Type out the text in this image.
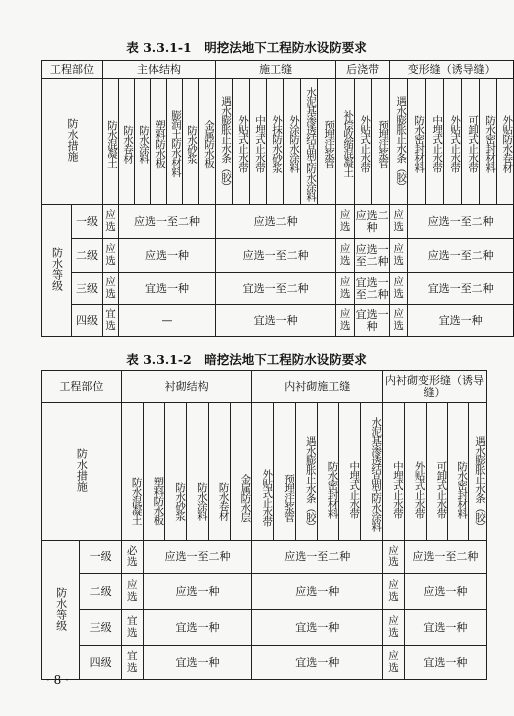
表 3.3.1-1　明挖法地下工程防水设防要求
工程部位		主体结构							施工缝							后浇带			变形缝（诱导缝）							
防水措施		防水混凝土	防水卷材	防水涂料	塑料防水板	膨润土防水材料	防水砂浆	金属防水板	遇水膨胀止水条（胶）	外贴式止水带	中埋式止水带	外抹防水砂浆	外涂防水涂料	水泥基渗透结晶型防水涂料	预埋注浆管	补偿收缩混凝土	外贴式止水带	预埋注浆管	遇水膨胀止水条（胶）	防水密封材料	中埋式止水带	外贴式止水带	可卸式止水带	防水密封材料	外贴防水卷材	
防水等级	一级	应选	应选一至二种						应选二种							应选	应选二种		应选	应选一至二种						
	二级	应选	应选一种						应选一至二种							应选	应选一至二种		应选	应选一至二种						
	三级	应选	宜选一种						宜选一至二种							应选	宜选一至二种		应选	宜选一至二种						
	四级	宜选	—						宜选一种							应选	宜选一种		应选	宜选一种						
表 3.3.1-2　暗挖法地下工程防水设防要求
工程部位		衬砌结构						内衬砌施工缝						内衬砌变形缝（诱导缝）				
防水措施		防水混凝土	塑料防水板	防水砂浆	防水涂料	防水卷材	金属防水层	外贴式止水带	预埋注浆管	遇水膨胀止水条（胶）	防水密封材料	中埋式止水带	水泥基渗透结晶型防水涂料	中埋式止水带	外贴式止水带	可卸式止水带	防水密封材料	遇水膨胀止水条（胶）
防水等级	一级	必选	应选一至二种					应选一至二种						应选	应选一至二种			
	二级	应选	应选一种					应选一种						应选	应选一种			
	三级	宜选	宜选一种					宜选一种						应选	宜选一种			
	四级	宜选	宜选一种					宜选一种						应选	宜选一种			
· 8 ·
